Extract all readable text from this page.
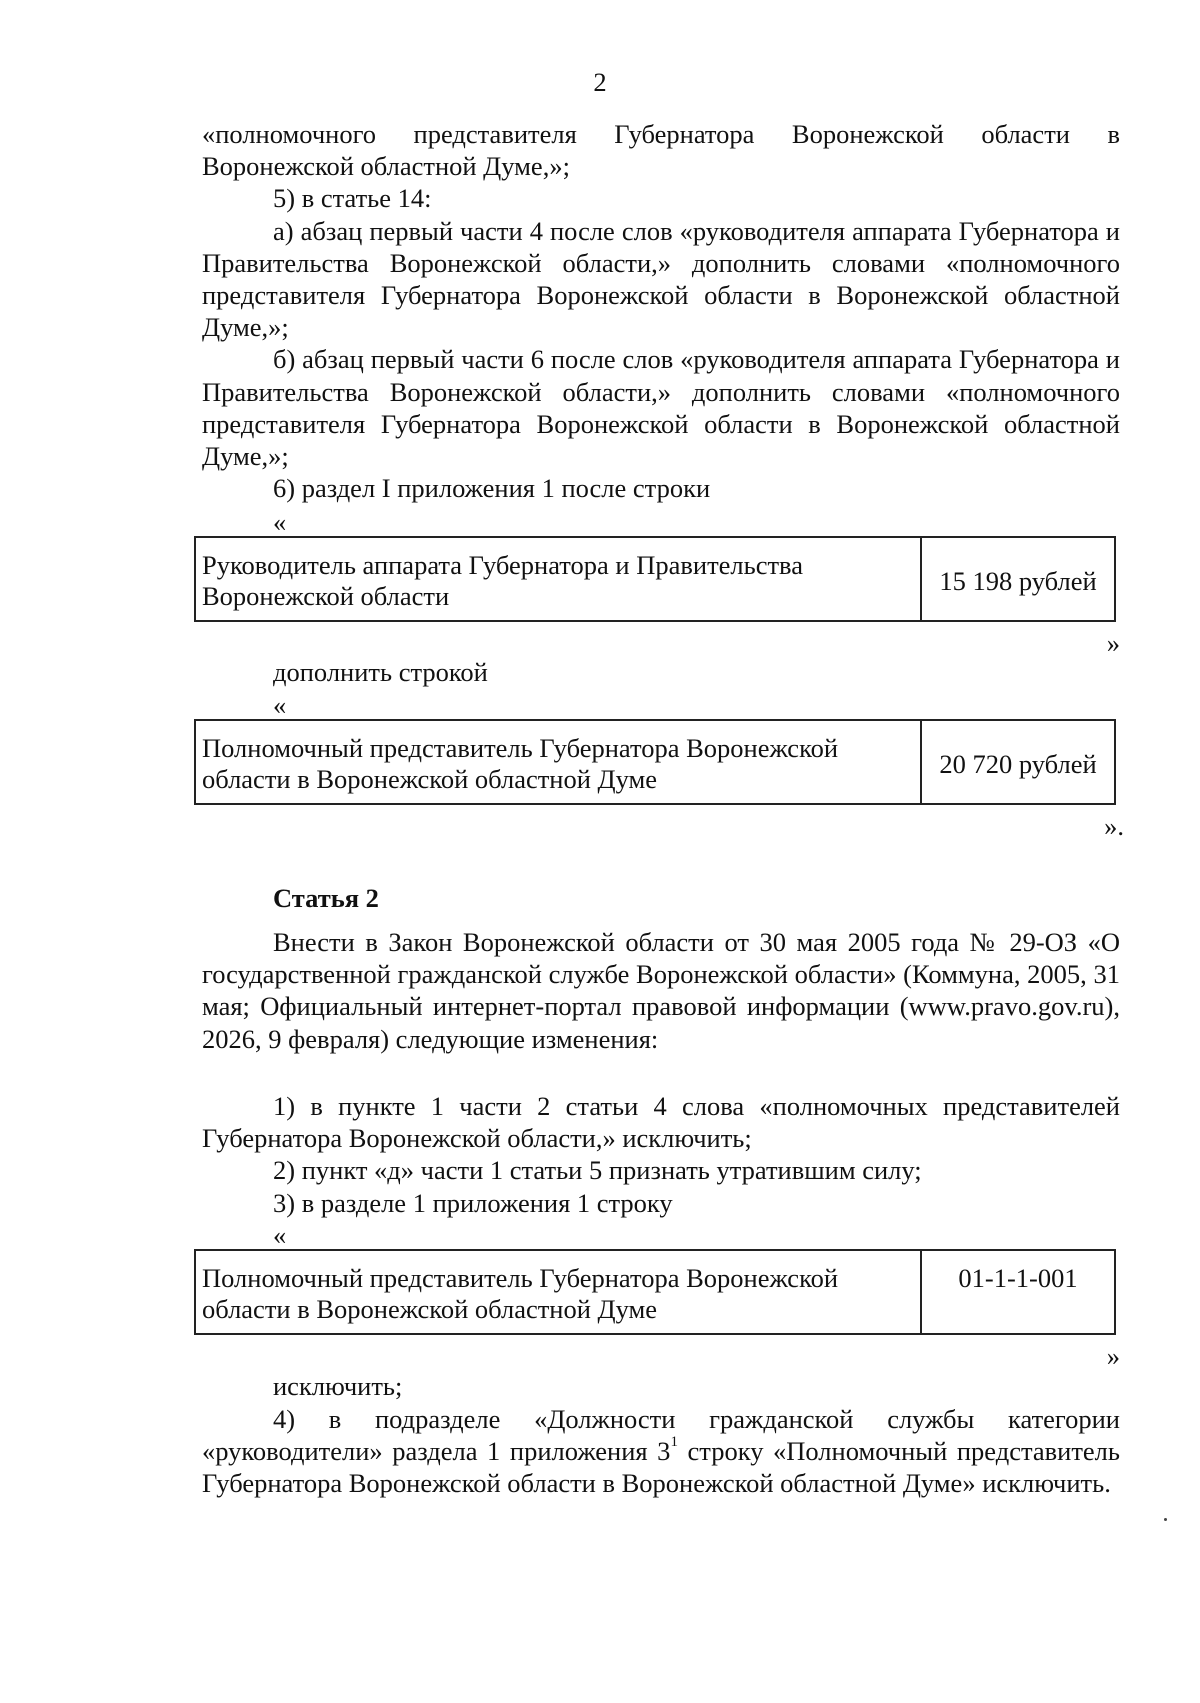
2
«полномочного представителя Губернатора Воронежской области в Воронежской областной Думе,»;
5) в статье 14:
а) абзац первый части 4 после слов «руководителя аппарата Губернатора и Правительства Воронежской области,» дополнить словами «полномочного представителя Губернатора Воронежской области в Воронежской областной Думе,»;
б) абзац первый части 6 после слов «руководителя аппарата Губернатора и Правительства Воронежской области,» дополнить словами «полномочного представителя Губернатора Воронежской области в Воронежской областной Думе,»;
6) раздел I приложения 1 после строки
«
Руководитель аппарата Губернатора и Правительства Воронежской области	15 198 рублей
»
дополнить строкой
«
Полномочный представитель Губернатора Воронежской области в Воронежской областной Думе	20 720 рублей
».
Статья 2
Внести в Закон Воронежской области от 30 мая 2005 года № 29-ОЗ «О государственной гражданской службе Воронежской области» (Коммуна, 2005, 31 мая; Официальный интернет-портал правовой информации (www.pravo.gov.ru), 2026, 9 февраля) следующие изменения:
1) в пункте 1 части 2 статьи 4 слова «полномочных представителей Губернатора Воронежской области,» исключить;
2) пункт «д» части 1 статьи 5 признать утратившим силу;
3) в разделе 1 приложения 1 строку
«
Полномочный представитель Губернатора Воронежской области в Воронежской областной Думе	01-1-1-001
»
исключить;
4) в подразделе «Должности гражданской службы категории «руководители» раздела 1 приложения $3^1$ строку «Полномочный представитель Губернатора Воронежской области в Воронежской областной Думе» исключить.
